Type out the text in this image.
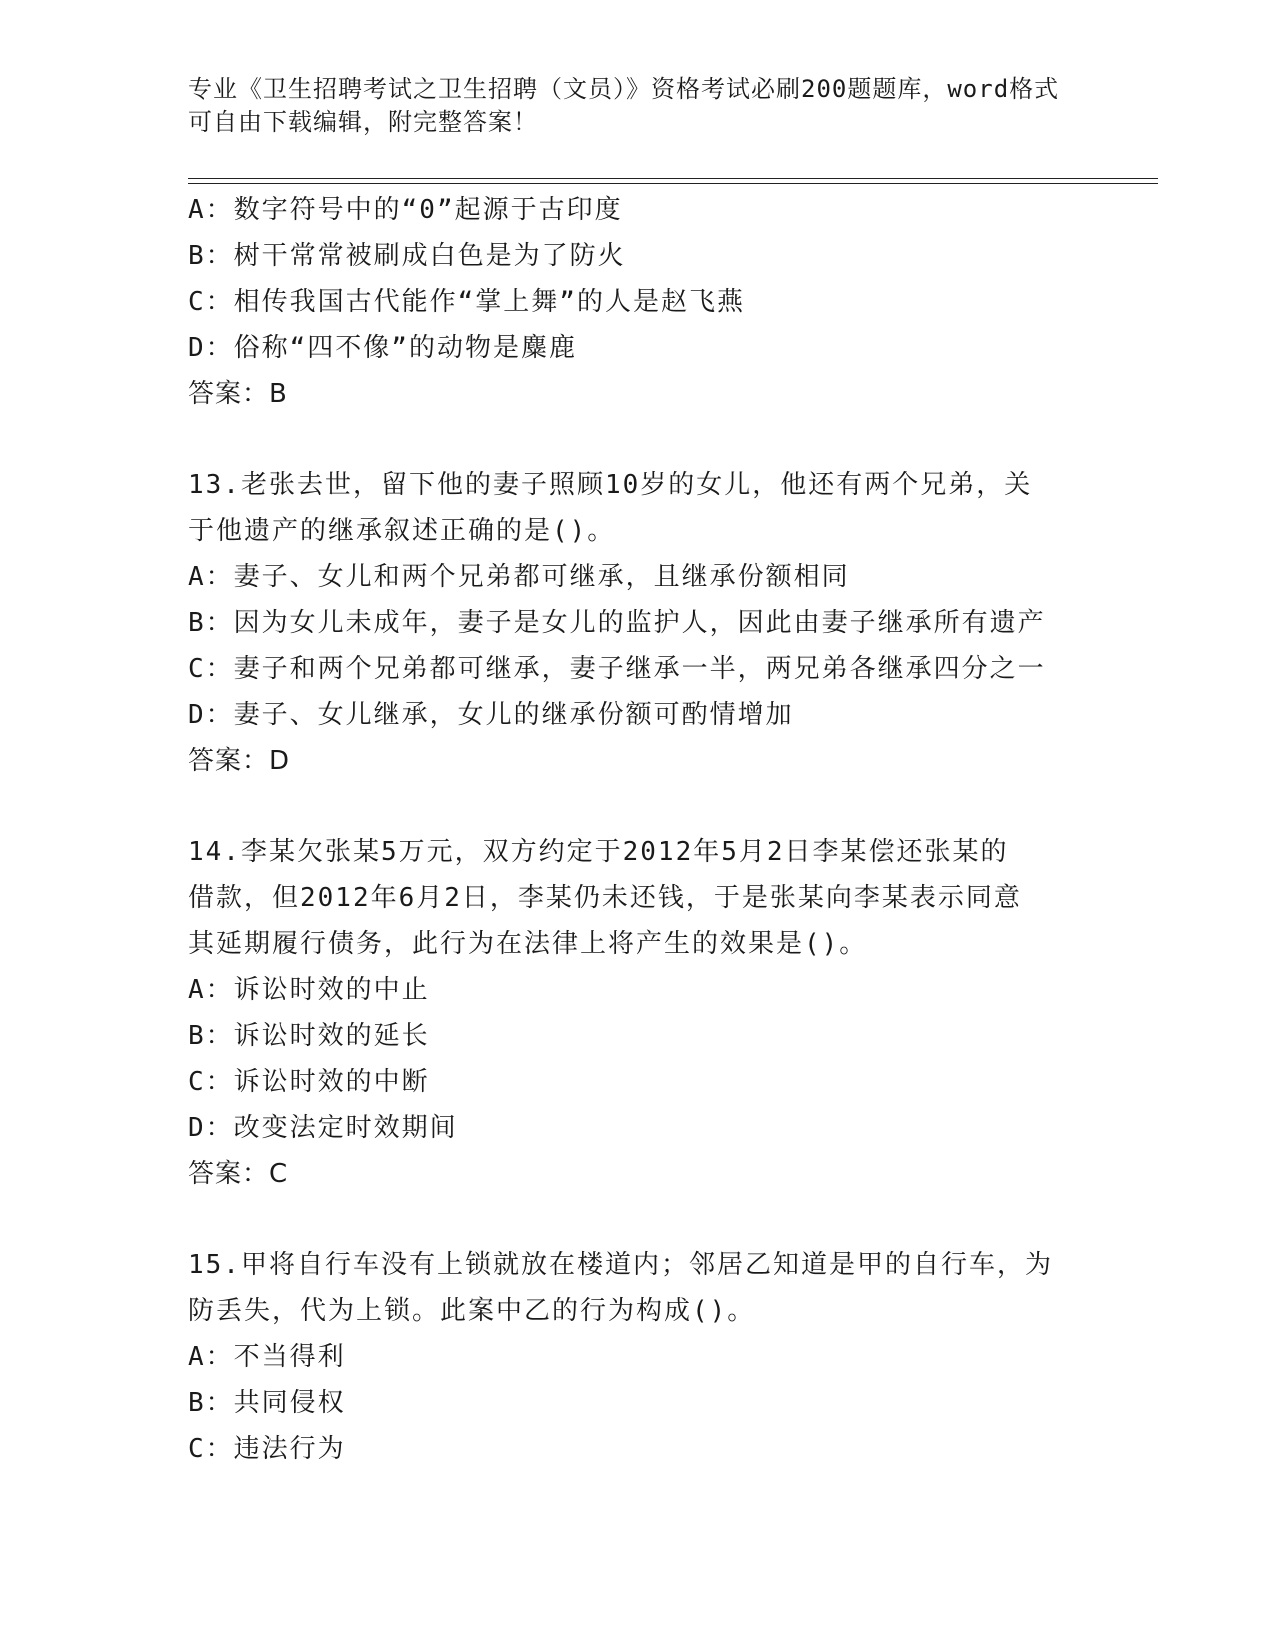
专业《卫生招聘考试之卫生招聘（文员）》资格考试必刷200题题库，word格式
可自由下载编辑，附完整答案！

A：数字符号中的“0”起源于古印度

B：树干常常被刷成白色是为了防火

C：相传我国古代能作“掌上舞”的人是赵飞燕

D：俗称“四不像”的动物是麋鹿

答案：B

13.老张去世，留下他的妻子照顾10岁的女儿，他还有两个兄弟，关

于他遗产的继承叙述正确的是()。

A：妻子、女儿和两个兄弟都可继承，且继承份额相同

B：因为女儿未成年，妻子是女儿的监护人，因此由妻子继承所有遗产

C：妻子和两个兄弟都可继承，妻子继承一半，两兄弟各继承四分之一

D：妻子、女儿继承，女儿的继承份额可酌情增加

答案：D

14.李某欠张某5万元，双方约定于2012年5月2日李某偿还张某的

借款，但2012年6月2日，李某仍未还钱，于是张某向李某表示同意

其延期履行债务，此行为在法律上将产生的效果是()。

A：诉讼时效的中止

B：诉讼时效的延长

C：诉讼时效的中断

D：改变法定时效期间

答案：C

15.甲将自行车没有上锁就放在楼道内；邻居乙知道是甲的自行车，为

防丢失，代为上锁。此案中乙的行为构成()。

A：不当得利

B：共同侵权

C：违法行为
